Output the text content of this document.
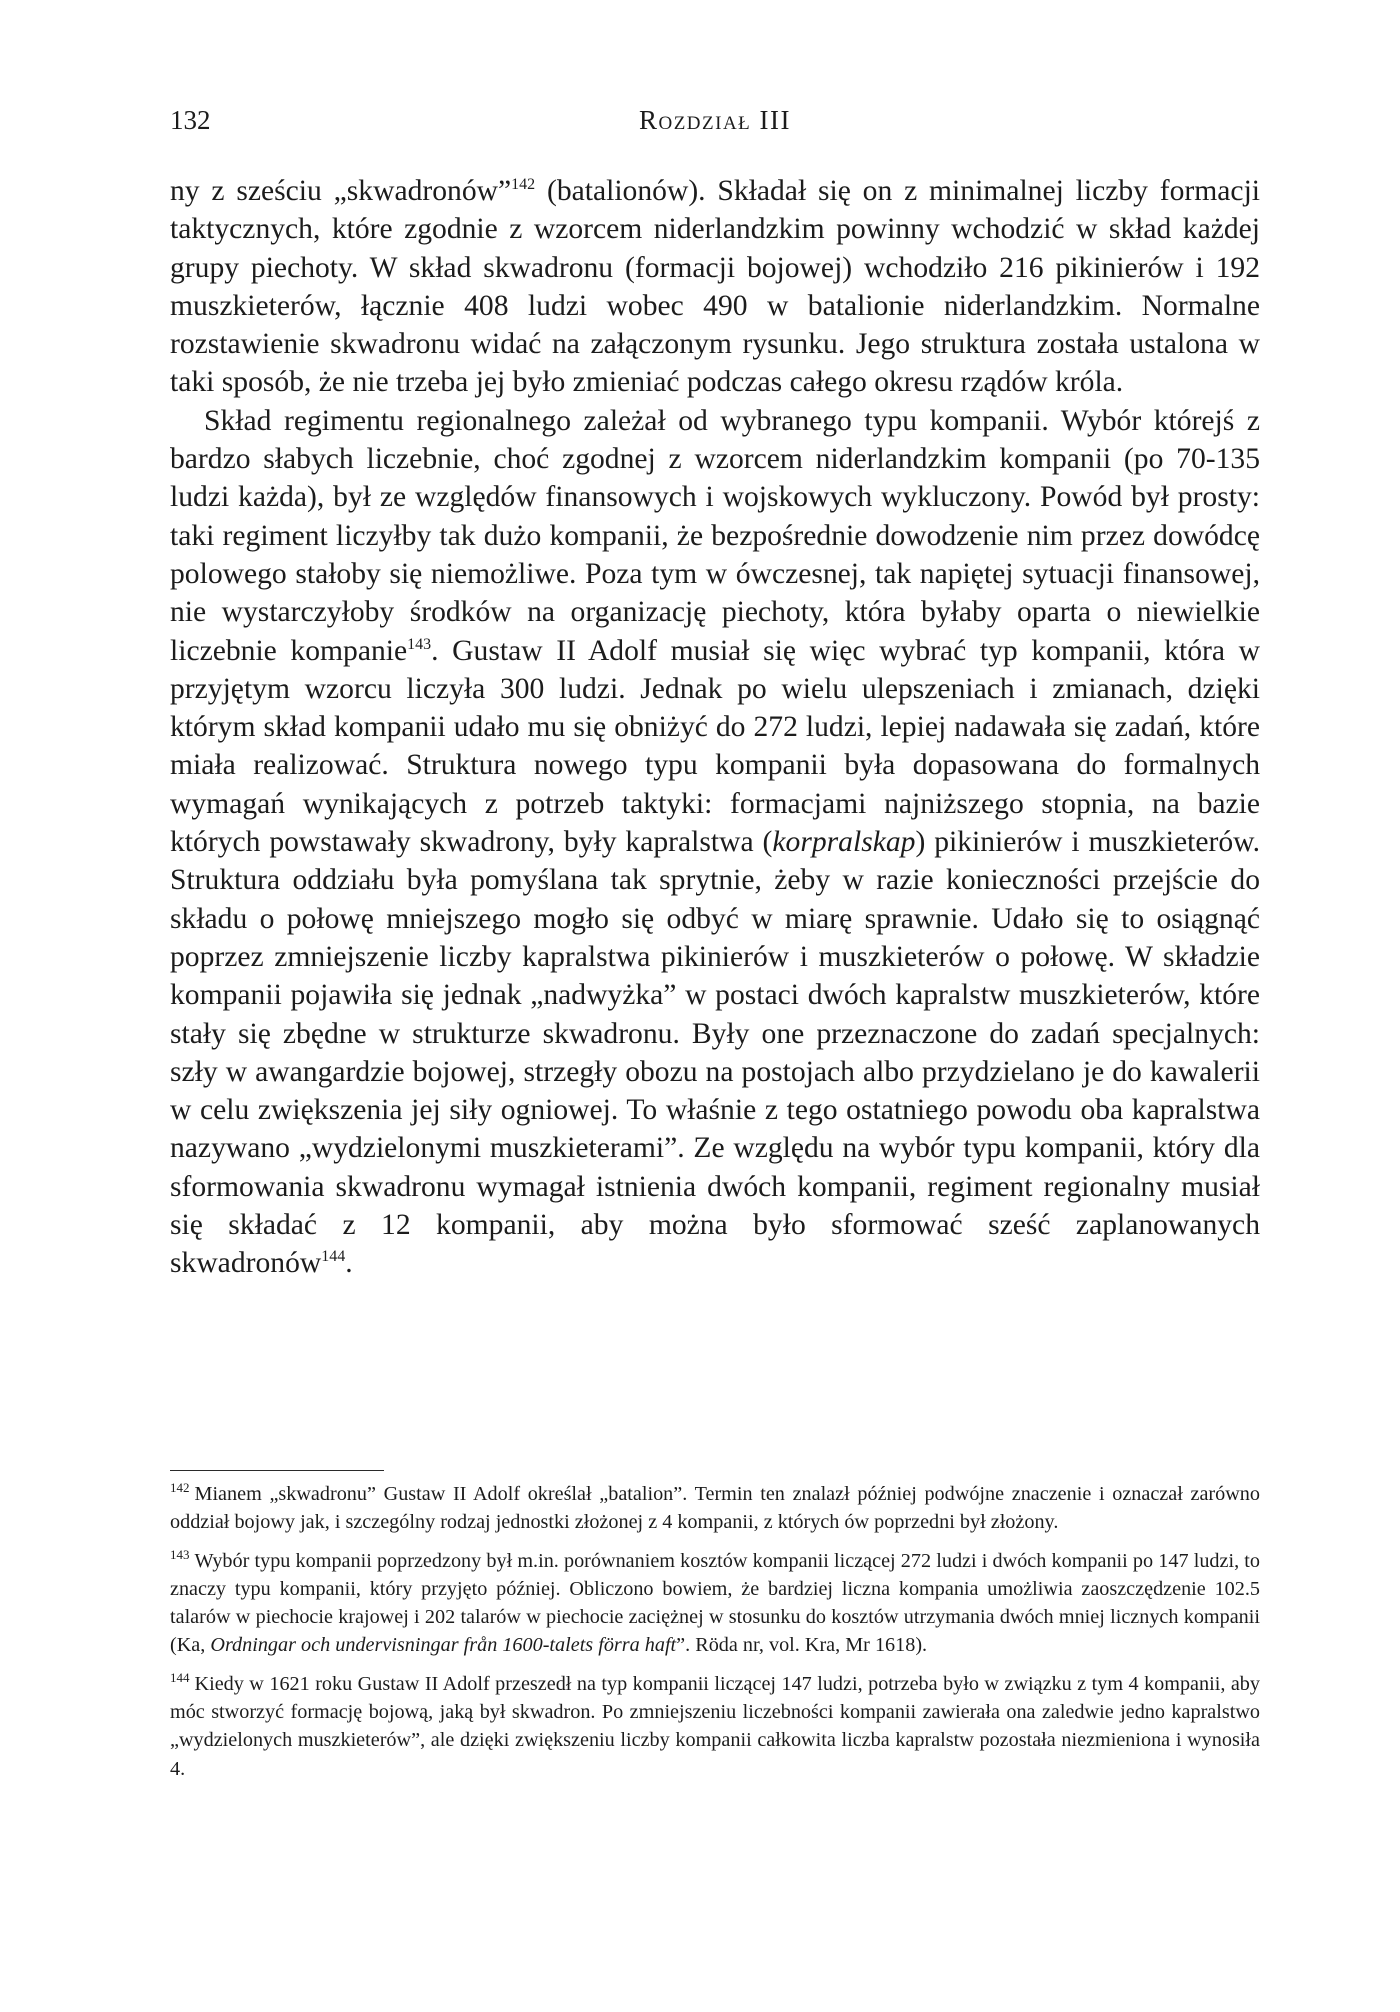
132	Rozdział III

ny z sześciu „skwadronów”$^{142}$ (batalionów). Składał się on z minimalnej liczby formacji taktycznych, które zgodnie z wzorcem niderlandzkim powinny wchodzić w skład każdej grupy piechoty. W skład skwadronu (formacji bojowej) wchodziło 216 pikinierów i 192 muszkieterów, łącznie 408 ludzi wobec 490 w batalionie niderlandzkim. Normalne rozstawienie skwadronu widać na załączonym rysunku. Jego struktura została ustalona w taki sposób, że nie trzeba jej było zmieniać podczas całego okresu rządów króla.

Skład regimentu regionalnego zależał od wybranego typu kompanii. Wybór którejś z bardzo słabych liczebnie, choć zgodnej z wzorcem niderlandzkim kompanii (po 70-135 ludzi każda), był ze względów finansowych i wojskowych wykluczony. Powód był prosty: taki regiment liczyłby tak dużo kompanii, że bezpośrednie dowodzenie nim przez dowódcę polowego stałoby się niemożliwe. Poza tym w ówczesnej, tak napiętej sytuacji finansowej, nie wystarczyłoby środków na organizację piechoty, która byłaby oparta o niewielkie liczebnie kompanie$^{143}$. Gustaw II Adolf musiał się więc wybrać typ kompanii, która w przyjętym wzorcu liczyła 300 ludzi. Jednak po wielu ulepszeniach i zmianach, dzięki którym skład kompanii udało mu się obniżyć do 272 ludzi, lepiej nadawała się zadań, które miała realizować. Struktura nowego typu kompanii była dopasowana do formalnych wymagań wynikających z potrzeb taktyki: formacjami najniższego stopnia, na bazie których powstawały skwadrony, były kapralstwa (korpralskap) pikinierów i muszkieterów. Struktura oddziału była pomyślana tak sprytnie, żeby w razie konieczności przejście do składu o połowę mniejszego mogło się odbyć w miarę sprawnie. Udało się to osiągnąć poprzez zmniejszenie liczby kapralstwa pikinierów i muszkieterów o połowę. W składzie kompanii pojawiła się jednak „nadwyżka” w postaci dwóch kapralstw muszkieterów, które stały się zbędne w strukturze skwadronu. Były one przeznaczone do zadań specjalnych: szły w awangardzie bojowej, strzegły obozu na postojach albo przydzielano je do kawalerii w celu zwiększenia jej siły ogniowej. To właśnie z tego ostatniego powodu oba kapralstwa nazywano „wydzielonymi muszkieterami”. Ze względu na wybór typu kompanii, który dla sformowania skwadronu wymagał istnienia dwóch kompanii, regiment regionalny musiał się składać z 12 kompanii, aby można było sformować sześć zaplanowanych skwadronów$^{144}$.

$^{142}$ Mianem „skwadronu” Gustaw II Adolf określał „batalion”. Termin ten znalazł później podwójne znaczenie i oznaczał zarówno oddział bojowy jak, i szczególny rodzaj jednostki złożonej z 4 kompanii, z których ów poprzedni był złożony.

$^{143}$ Wybór typu kompanii poprzedzony był m.in. porównaniem kosztów kompanii liczącej 272 ludzi i dwóch kompanii po 147 ludzi, to znaczy typu kompanii, który przyjęto później. Obliczono bowiem, że bardziej liczna kompania umożliwia zaoszczędzenie 102.5 talarów w piechocie krajowej i 202 talarów w piechocie zaciężnej w stosunku do kosztów utrzymania dwóch mniej licznych kompanii (Ka, Ordningar och undervisningar från 1600-talets förra haft”. Röda nr, vol. Kra, Mr 1618).

$^{144}$ Kiedy w 1621 roku Gustaw II Adolf przeszedł na typ kompanii liczącej 147 ludzi, potrzeba było w związku z tym 4 kompanii, aby móc stworzyć formację bojową, jaką był skwadron. Po zmniejszeniu liczebności kompanii zawierała ona zaledwie jedno kapralstwo „wydzielonych muszkieterów”, ale dzięki zwiększeniu liczby kompanii całkowita liczba kapralstw pozostała niezmieniona i wynosiła 4.
